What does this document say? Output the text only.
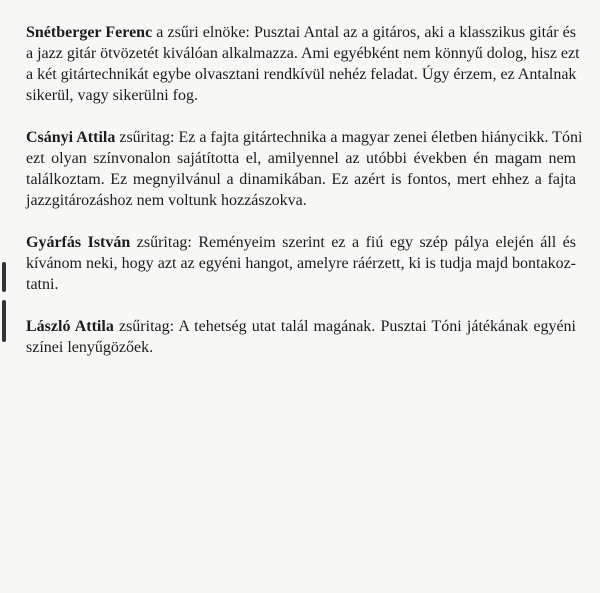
Snétberger Ferenc a zsűri elnöke: Pusztai Antal az a gitáros, aki a klasszikus gitár és
a jazz gitár ötvözetét kiválóan alkalmazza. Ami egyébként nem könnyű dolog, hisz ezt
a két gitártechnikát egybe olvasztani rendkívül nehéz feladat. Úgy érzem, ez Antalnak
sikerül, vagy sikerülni fog.

Csányi Attila zsűritag: Ez a fajta gitártechnika a magyar zenei életben hiánycikk. Tóni
ezt olyan színvonalon sajátította el, amilyennel az utóbbi években én magam nem
találkoztam. Ez megnyilvánul a dinamikában. Ez azért is fontos, mert ehhez a fajta
jazzgitározáshoz nem voltunk hozzászokva.

Gyárfás István zsűritag: Reményeim szerint ez a fiú egy szép pálya elején áll és
kívánom neki, hogy azt az egyéni hangot, amelyre ráérzett, ki is tudja majd bontakoz-
tatni.

László Attila zsűritag: A tehetség utat talál magának. Pusztai Tóni játékának egyéni
színei lenyűgözőek.
